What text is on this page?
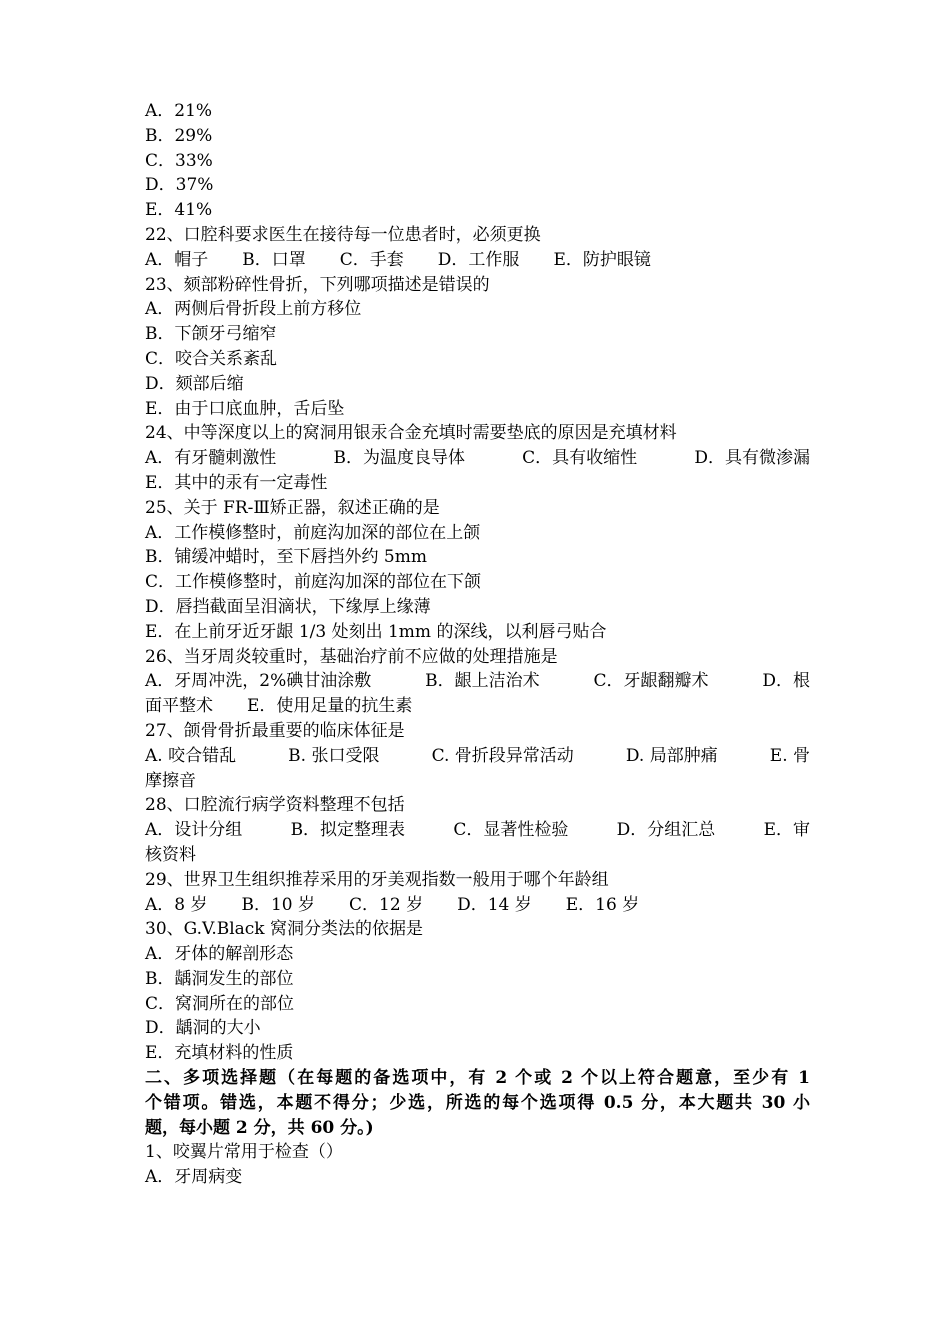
A．21%
B．29%
C．33%
D．37%
E．41%
22、口腔科要求医生在接待每一位患者时，必须更换
A．帽子 B．口罩 C．手套 D．工作服 E．防护眼镜
23、颏部粉碎性骨折，下列哪项描述是错误的
A．两侧后骨折段上前方移位
B．下颌牙弓缩窄
C．咬合关系紊乱
D．颏部后缩
E．由于口底血肿，舌后坠
24、中等深度以上的窝洞用银汞合金充填时需要垫底的原因是充填材料
A．有牙髓刺激性	B．为温度良导体	C．具有收缩性	D．具有微渗漏
E．其中的汞有一定毒性
25、关于 FR-Ⅲ矫正器，叙述正确的是
A．工作模修整时，前庭沟加深的部位在上颌
B．铺缓冲蜡时，至下唇挡外约 5mm
C．工作模修整时，前庭沟加深的部位在下颌
D．唇挡截面呈泪滴状，下缘厚上缘薄
E．在上前牙近牙龈 1/3 处刻出 1mm 的深线，以利唇弓贴合
26、当牙周炎较重时，基础治疗前不应做的处理措施是
A．牙周冲洗，2%碘甘油涂敷	B．龈上洁治术	C．牙龈翻瓣术	D．根
面平整术 E．使用足量的抗生素
27、颌骨骨折最重要的临床体征是
A. 咬合错乱	B. 张口受限	C. 骨折段异常活动	D. 局部肿痛	E. 骨
摩擦音
28、口腔流行病学资料整理不包括
A．设计分组	B．拟定整理表	C．显著性检验	D．分组汇总	E．审
核资料
29、世界卫生组织推荐采用的牙美观指数一般用于哪个年龄组
A．8 岁 B．10 岁 C．12 岁 D．14 岁 E．16 岁
30、G.V.Black 窝洞分类法的依据是
A．牙体的解剖形态
B．龋洞发生的部位
C．窝洞所在的部位
D．龋洞的大小
E．充填材料的性质
二、多项选择题（在每题的备选项中，有 2 个或 2 个以上符合题意，至少有 1
个错项。错选，本题不得分；少选，所选的每个选项得 0.5 分，本大题共 30 小
题，每小题 2 分，共 60 分。)
1、咬翼片常用于检查（）
A．牙周病变
